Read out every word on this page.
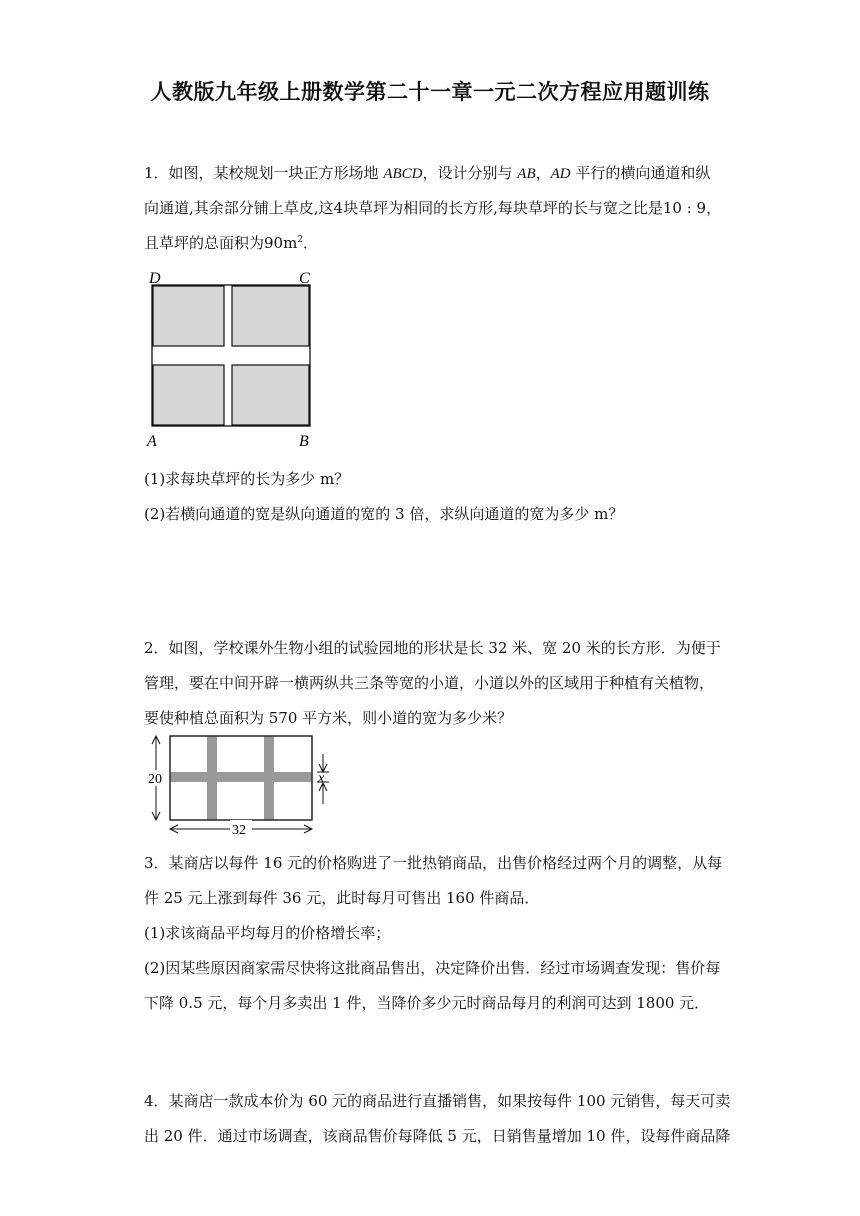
人教版九年级上册数学第二十一章一元二次方程应用题训练
1．如图，某校规划一块正方形场地 ABCD，设计分别与 AB，AD 平行的横向通道和纵
向通道,其余部分铺上草皮,这4块草坪为相同的长方形,每块草坪的长与宽之比是10 : 9，
且草坪的总面积为$90m^2$．
D	C
A	B
(1)求每块草坪的长为多少 m？
(2)若横向通道的宽是纵向通道的宽的 3 倍，求纵向通道的宽为多少 m？
2．如图，学校课外生物小组的试验园地的形状是长 32 米、宽 20 米的长方形．为便于
管理，要在中间开辟一横两纵共三条等宽的小道，小道以外的区域用于种植有关植物，
要使种植总面积为 570 平方米，则小道的宽为多少米？
20
32
x
3．某商店以每件 16 元的价格购进了一批热销商品，出售价格经过两个月的调整，从每
件 25 元上涨到每件 36 元，此时每月可售出 160 件商品．
(1)求该商品平均每月的价格增长率；
(2)因某些原因商家需尽快将这批商品售出，决定降价出售．经过市场调查发现：售价每
下降 0.5 元，每个月多卖出 1 件，当降价多少元时商品每月的利润可达到 1800 元．
4．某商店一款成本价为 60 元的商品进行直播销售，如果按每件 100 元销售，每天可卖
出 20 件．通过市场调查，该商品售价每降低 5 元，日销售量增加 10 件，设每件商品降
